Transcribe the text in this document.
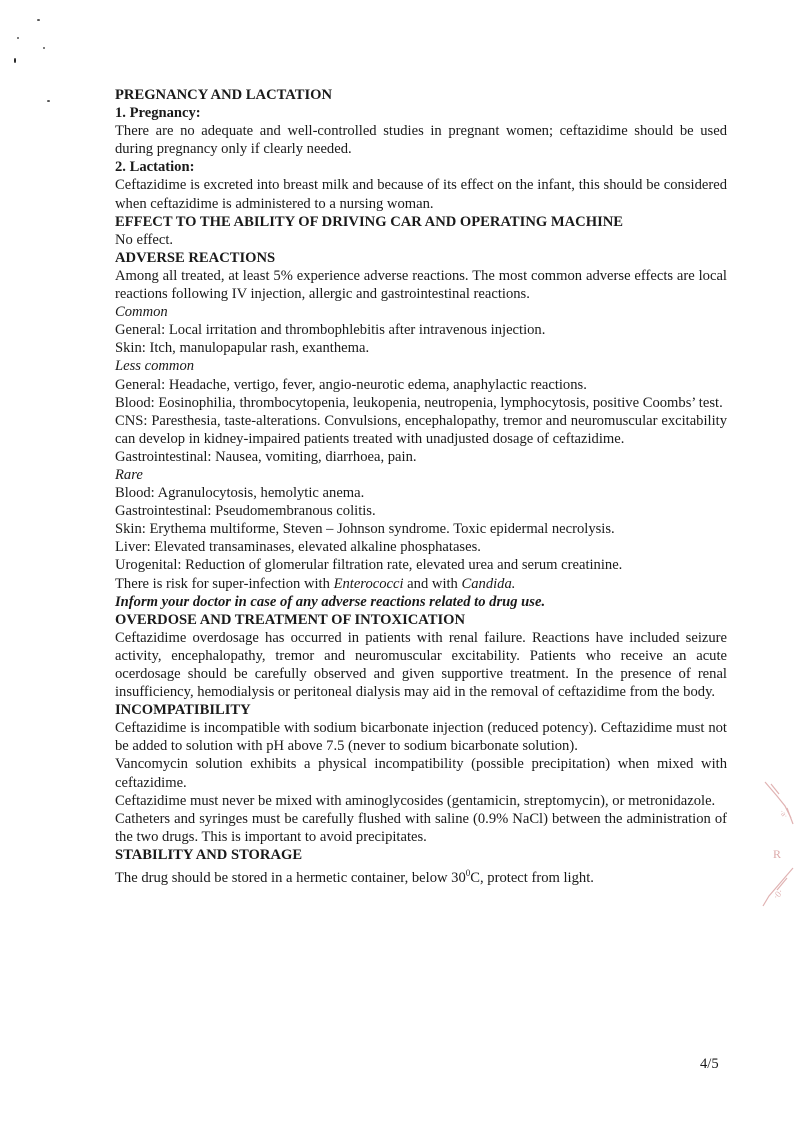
R
·0·
·a·

PREGNANCY AND LACTATION

1. Pregnancy:

There are no adequate and well-controlled studies in pregnant women; ceftazidime should be used during pregnancy only if clearly needed.

2. Lactation:

Ceftazidime is excreted into breast milk and because of its effect on the infant, this should be considered when ceftazidime is administered to a nursing woman.

EFFECT TO THE ABILITY OF DRIVING CAR AND OPERATING MACHINE

No effect.

ADVERSE REACTIONS

Among all treated, at least 5% experience adverse reactions. The most common adverse effects are local reactions following IV injection, allergic and gastrointestinal reactions.

Common

General: Local irritation and thrombophlebitis after intravenous injection.

Skin: Itch, manulopapular rash, exanthema.

Less common

General: Headache, vertigo, fever, angio-neurotic edema, anaphylactic reactions.

Blood: Eosinophilia, thrombocytopenia, leukopenia, neutropenia, lymphocytosis, positive Coombs’ test.

CNS: Paresthesia, taste-alterations. Convulsions, encephalopathy, tremor and neuromuscular excitability can develop in kidney-impaired patients treated with unadjusted dosage of ceftazidime.

Gastrointestinal: Nausea, vomiting, diarrhoea, pain.

Rare

Blood: Agranulocytosis, hemolytic anema.

Gastrointestinal: Pseudomembranous colitis.

Skin: Erythema multiforme, Steven – Johnson syndrome. Toxic epidermal necrolysis.

Liver: Elevated transaminases, elevated alkaline phosphatases.

Urogenital: Reduction of glomerular filtration rate, elevated urea and serum creatinine.

There is risk for super-infection with Enterococci and with Candida.

Inform your doctor in case of any adverse reactions related to drug use.

OVERDOSE AND TREATMENT OF INTOXICATION

Ceftazidime overdosage has occurred in patients with renal failure. Reactions have included seizure activity, encephalopathy, tremor and neuromuscular excitability. Patients who receive an acute ocerdosage should be carefully observed and given supportive treatment. In the presence of renal insufficiency, hemodialysis or peritoneal dialysis may aid in the removal of ceftazidime from the body.

INCOMPATIBILITY

Ceftazidime is incompatible with sodium bicarbonate injection (reduced potency). Ceftazidime must not be added to solution with pH above 7.5 (never to sodium bicarbonate solution).

Vancomycin solution exhibits a physical incompatibility (possible precipitation) when mixed with ceftazidime.

Ceftazidime must never be mixed with aminoglycosides (gentamicin, streptomycin), or metronidazole.

Catheters and syringes must be carefully flushed with saline (0.9% NaCl) between the administration of the two drugs. This is important to avoid precipitates.

STABILITY AND STORAGE

The drug should be stored in a hermetic container, below $30^0C$, protect from light.

4/5
